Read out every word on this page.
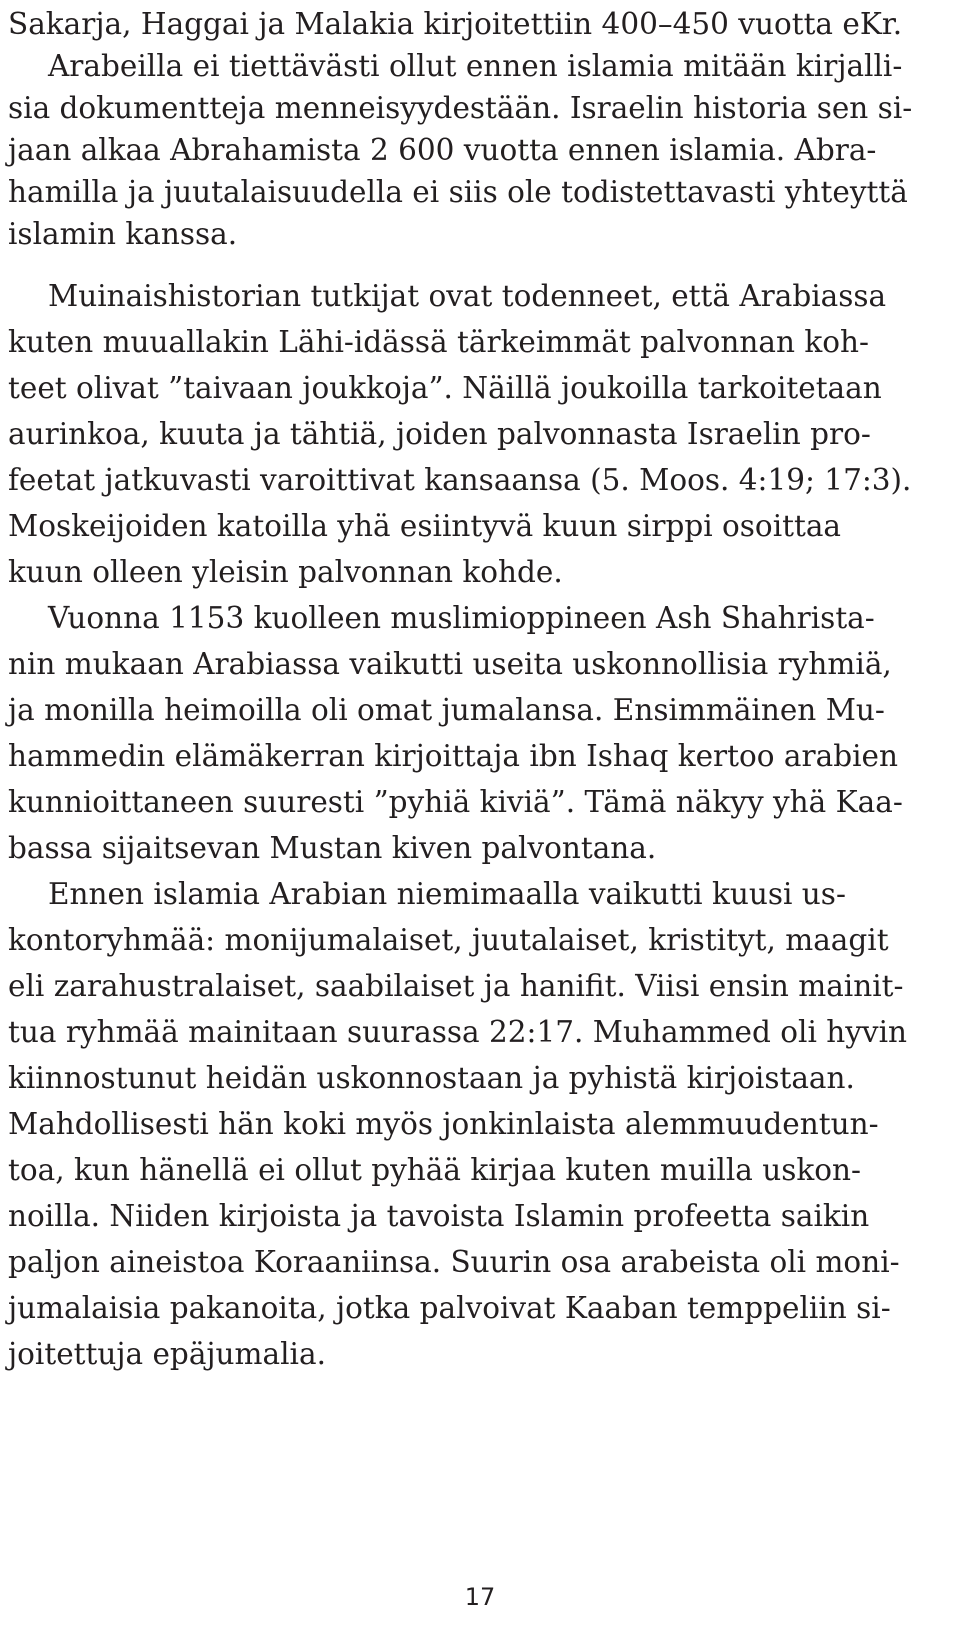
Sakarja, Haggai ja Malakia kirjoitettiin 400–450 vuotta eKr.
Arabeilla ei tiettävästi ollut ennen islamia mitään kirjalli-
sia dokumentteja menneisyydestään. Israelin historia sen si-
jaan alkaa Abrahamista 2 600 vuotta ennen islamia. Abra-
hamilla ja juutalaisuudella ei siis ole todistettavasti yhteyttä
islamin kanssa.
Muinaishistorian tutkijat ovat todenneet, että Arabiassa
kuten muuallakin Lähi-idässä tärkeimmät palvonnan koh-
teet olivat ”taivaan joukkoja”. Näillä joukoilla tarkoitetaan
aurinkoa, kuuta ja tähtiä, joiden palvonnasta Israelin pro-
feetat jatkuvasti varoittivat kansaansa (5. Moos. 4:19; 17:3).
Moskeijoiden katoilla yhä esiintyvä kuun sirppi osoittaa
kuun olleen yleisin palvonnan kohde.
Vuonna 1153 kuolleen muslimioppineen Ash Shahrista-
nin mukaan Arabiassa vaikutti useita uskonnollisia ryhmiä,
ja monilla heimoilla oli omat jumalansa. Ensimmäinen Mu-
hammedin elämäkerran kirjoittaja ibn Ishaq kertoo arabien
kunnioittaneen suuresti ”pyhiä kiviä”. Tämä näkyy yhä Kaa-
bassa sijaitsevan Mustan kiven palvontana.
Ennen islamia Arabian niemimaalla vaikutti kuusi us-
kontoryhmää: monijumalaiset, juutalaiset, kristityt, maagit
eli zarahustralaiset, saabilaiset ja hanifit. Viisi ensin mainit-
tua ryhmää mainitaan suurassa 22:17. Muhammed oli hyvin
kiinnostunut heidän uskonnostaan ja pyhistä kirjoistaan.
Mahdollisesti hän koki myös jonkinlaista alemmuudentun-
toa, kun hänellä ei ollut pyhää kirjaa kuten muilla uskon-
noilla. Niiden kirjoista ja tavoista Islamin profeetta saikin
paljon aineistoa Koraaniinsa. Suurin osa arabeista oli moni-
jumalaisia pakanoita, jotka palvoivat Kaaban temppeliin si-
joitettuja epäjumalia.
17
